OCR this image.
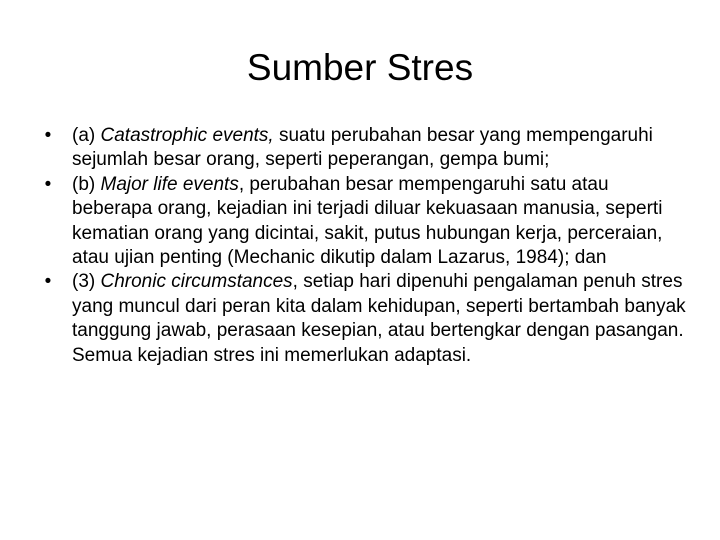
Sumber Stres
•	(a) Catastrophic events, suatu perubahan besar yang mempengaruhi sejumlah besar orang, seperti peperangan, gempa bumi;
•	(b) Major life events, perubahan besar mempengaruhi satu atau beberapa orang, kejadian ini terjadi diluar kekuasaan manusia, seperti kematian orang yang dicintai, sakit, putus hubungan kerja, perceraian, atau ujian penting (Mechanic dikutip dalam Lazarus, 1984); dan
•	(3) Chronic circumstances, setiap hari dipenuhi pengalaman penuh stres yang muncul dari peran kita dalam kehidupan, seperti bertambah banyak tanggung jawab, perasaan kesepian, atau bertengkar dengan pasangan. Semua kejadian stres ini memerlukan adaptasi.
